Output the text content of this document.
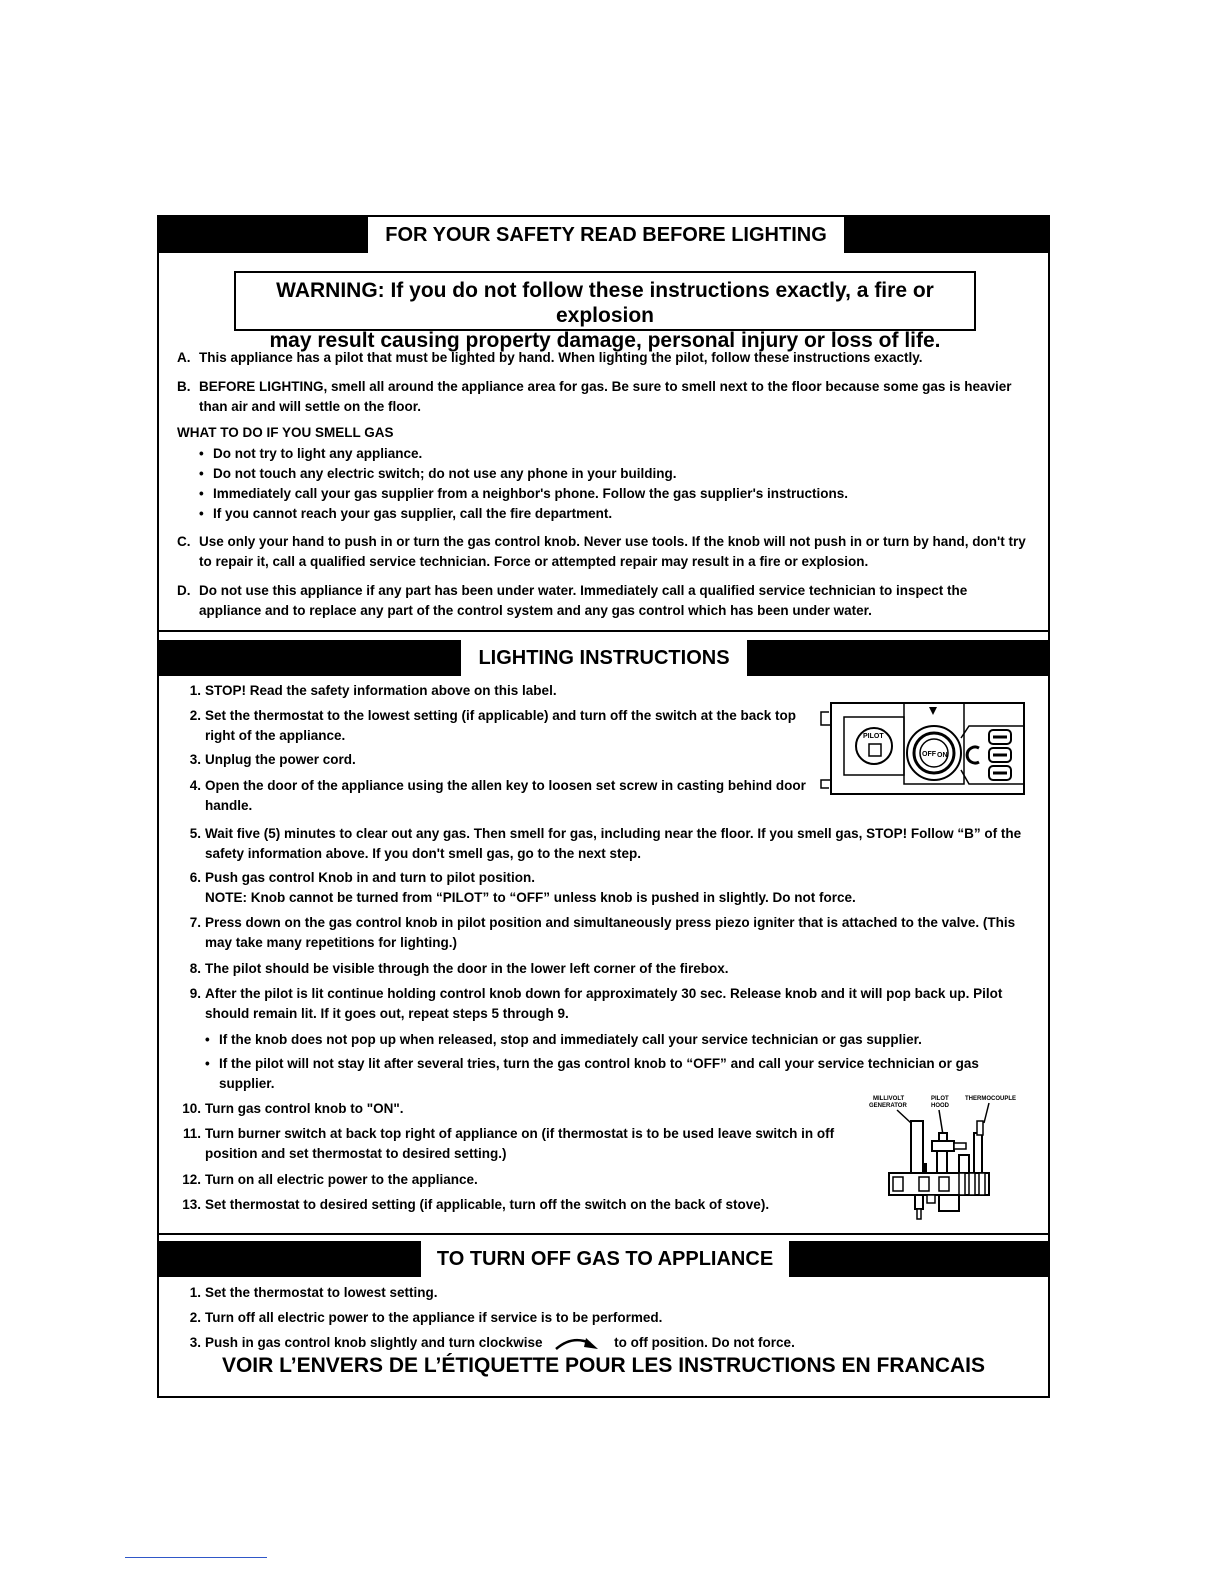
FOR YOUR SAFETY READ BEFORE LIGHTING
WARNING: If you do not follow these instructions exactly, a fire or explosion
may result causing property damage, personal injury or loss of life.

A. This appliance has a pilot that must be lighted by hand. When lighting the pilot, follow these instructions exactly.

B. BEFORE LIGHTING, smell all around the appliance area for gas. Be sure to smell next to the floor because some gas is heavier than air and will settle on the floor.

WHAT TO DO IF YOU SMELL GAS

• Do not try to light any appliance.

• Do not touch any electric switch; do not use any phone in your building.

• Immediately call your gas supplier from a neighbor's phone. Follow the gas supplier's instructions.

• If you cannot reach your gas supplier, call the fire department.

C. Use only your hand to push in or turn the gas control knob. Never use tools. If the knob will not push in or turn by hand, don't try to repair it, call a qualified service technician. Force or attempted repair may result in a fire or explosion.

D. Do not use this appliance if any part has been under water. Immediately call a qualified service technician to inspect the appliance and to replace any part of the control system and any gas control which has been under water.

LIGHTING INSTRUCTIONS

1. STOP! Read the safety information above on this label.

2. Set the thermostat to the lowest setting (if applicable) and turn off the switch at the back top right of the appliance.

3. Unplug the power cord.

4. Open the door of the appliance using the allen key to loosen set screw in casting behind door handle.

PILOT
OFF ON

5. Wait five (5) minutes to clear out any gas. Then smell for gas, including near the floor. If you smell gas, STOP! Follow “B” of the safety information above. If you don't smell gas, go to the next step.

6. Push gas control Knob in and turn to pilot position.
NOTE: Knob cannot be turned from “PILOT” to “OFF” unless knob is pushed in slightly. Do not force.

7. Press down on the gas control knob in pilot position and simultaneously press piezo igniter that is attached to the valve. (This may take many repetitions for lighting.)

8. The pilot should be visible through the door in the lower left corner of the firebox.

9. After the pilot is lit continue holding control knob down for approximately 30 sec. Release knob and it will pop back up. Pilot should remain lit. If it goes out, repeat steps 5 through 9.

• If the knob does not pop up when released, stop and immediately call your service technician or gas supplier.

• If the pilot will not stay lit after several tries, turn the gas control knob to “OFF” and call your service technician or gas supplier.

10. Turn gas control knob to "ON".

11. Turn burner switch at back top right of appliance on (if thermostat is to be used leave switch in off position and set thermostat to desired setting.)

12. Turn on all electric power to the appliance.

13. Set thermostat to desired setting (if applicable, turn off the switch on the back of stove).

MILLIVOLT
GENERATOR
PILOT
HOOD
THERMOCOUPLE
TO TURN OFF GAS TO APPLIANCE

1. Set the thermostat to lowest setting.

2. Turn off all electric power to the appliance if service is to be performed.

3. Push in gas control knob slightly and turn clockwise	to off position. Do not force.

VOIR L’ENVERS DE L’ÉTIQUETTE POUR LES INSTRUCTIONS EN FRANCAIS
